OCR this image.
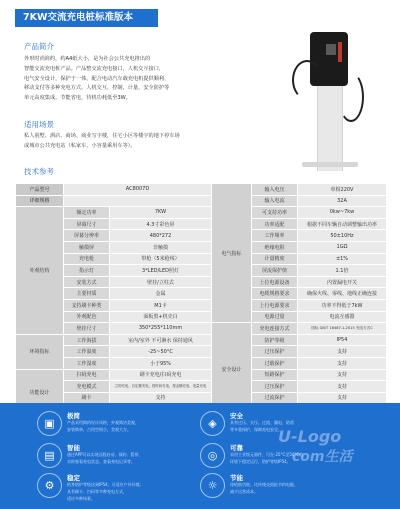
7KW交流充电桩标准版本
产品简介
外形时尚简约，约A4纸大小，是为社会公共充电推出的
智能交流充电桩产品。产品整交流充电接口，人机交互接口，
电气安全设计，保护于一体，配合电动汽车载充电机提供顺利、
移动支付等多种充电方式。人机交互，控制，计量、安全防护等
单元高度集成。节能省电，待机功耗低至3W。
适用场景
私人别墅、酒店、商场、商业写字楼，住宅小区等楼宇的地下停车场
或城市公共充电站（私家车、小容量乘用车等）。
技术参考
产品型号	AC8007D		电气指标	输入电压	单相220V
详细规格				输入电流	32A
外观结构	额定功率	7KW		可支持功率	0kw~7kw
	屏幕尺寸	4.3寸彩色屏		功率适配	根据不同车辆自动调整输出功率
	屏幕分辨率	480*272		工作频率	50±10Hz
	触摸屏	非触摸		绝缘电阻	1GΩ
	充电枪	带枪（5米枪线）		计量精度	±1%
	指示灯	3*LED/LED照灯		屏流保护值	1.1倍
	安装方式	壁挂/立柱式		上位电源设备	内置漏电开关
	主要材质	金属		电缆规格要求	确保火线、零线、地线正确连接
	支持刷卡种类	M1卡		上行电源要求	功率不得低于7kW
	外观配色	面板黑+机壳白		电源过量	电流互感器
	壁挂尺寸	350*255*110mm	安全设计	充电连接方式	国标 GB/T 18487.1-2015 充电方式C
环境指标	工作海拔	室内/室外 不可淋水 保持通风		防护等级	IP54
	工作温度	-25~50°C		过压保护	支持
	工作湿度	小于95%		过载保护	支持
功能设计	扫码充电	刷卡充电/扫码充电		短路保护	支持
	充电模式	立即充电、自定额充电、按时间充电、按金额充电、电量充电		过压保护	支持
	刷卡	支持		过流保护	支持

▣
极简
产品采用简约设计风格，外观简洁美观，
安装简单，占用空间小，美观大方。	◈
安全
具有过压、欠压、过流、漏电、防雷
等多重保护，保障充电安全。
▤
智能
通过APP可以实现远程启动、预约、暂停，
实时查看充电状态、查看充电记录等。	◎
可靠
采用工业级元器件，可在-25°C至50°C的
环境下稳定运行，防护等级IP54。
⚙
稳定
机身防护等级达到IP54，可适应户外环境；
具有刷卡、扫码等多种充电方式，
适应多种场景。
☼
节能
待机低功耗，比传统交流桩节约电能，
减少运营成本。
U-Logo
com生活
